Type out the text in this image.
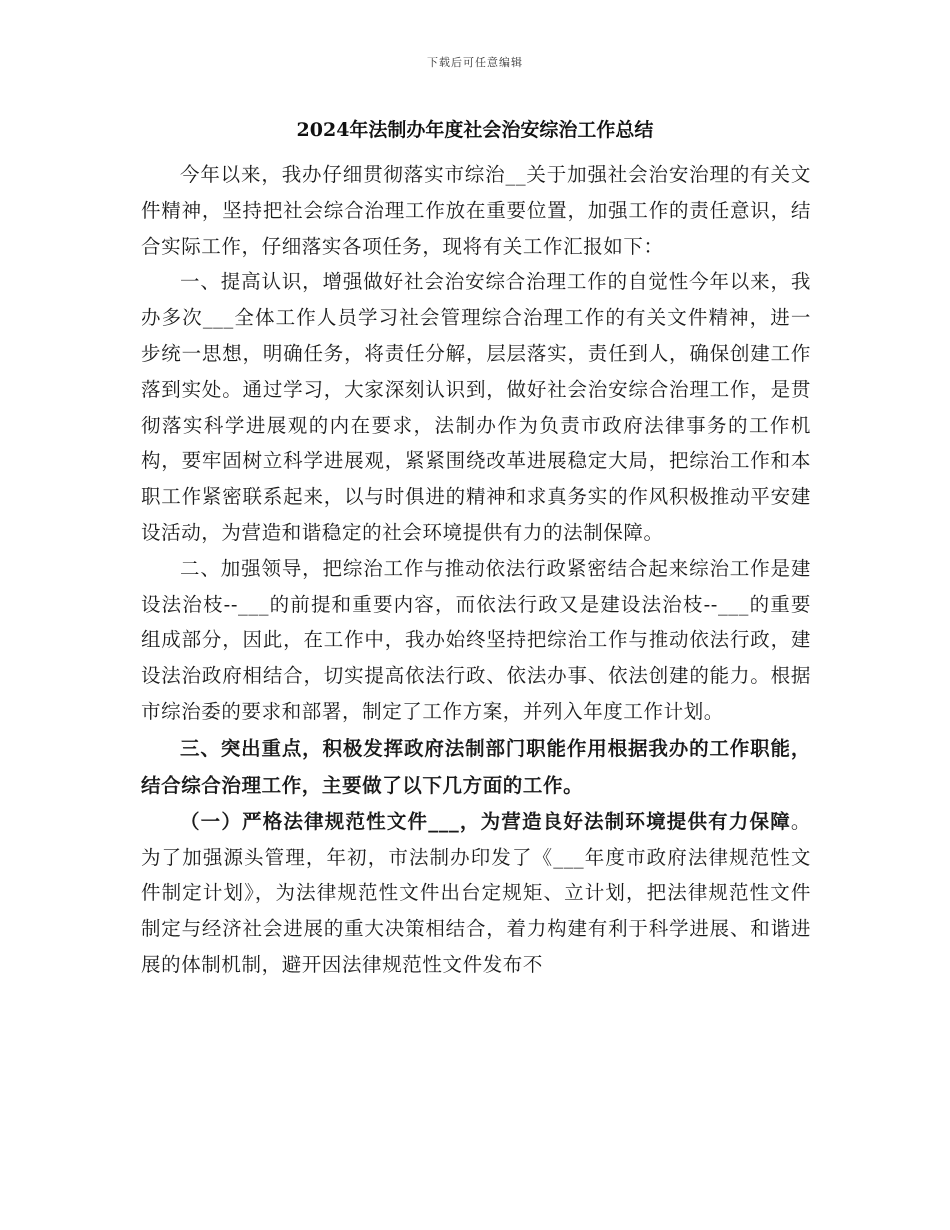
下载后可任意编辑
2024年法制办年度社会治安综治工作总结

今年以来，我办仔细贯彻落实市综治__关于加强社会治安治理的有关文件精神，坚持把社会综合治理工作放在重要位置，加强工作的责任意识，结合实际工作，仔细落实各项任务，现将有关工作汇报如下：

一、提高认识，增强做好社会治安综合治理工作的自觉性今年以来，我办多次___全体工作人员学习社会管理综合治理工作的有关文件精神，进一步统一思想，明确任务，将责任分解，层层落实，责任到人，确保创建工作落到实处。通过学习，大家深刻认识到，做好社会治安综合治理工作，是贯彻落实科学进展观的内在要求，法制办作为负责市政府法律事务的工作机构，要牢固树立科学进展观，紧紧围绕改革进展稳定大局，把综治工作和本职工作紧密联系起来，以与时俱进的精神和求真务实的作风积极推动平安建设活动，为营造和谐稳定的社会环境提供有力的法制保障。

二、加强领导，把综治工作与推动依法行政紧密结合起来综治工作是建设法治枝--___的前提和重要内容，而依法行政又是建设法治枝--___的重要组成部分，因此，在工作中，我办始终坚持把综治工作与推动依法行政，建设法治政府相结合，切实提高依法行政、依法办事、依法创建的能力。根据市综治委的要求和部署，制定了工作方案，并列入年度工作计划。

三、突出重点，积极发挥政府法制部门职能作用根据我办的工作职能，结合综合治理工作，主要做了以下几方面的工作。

（一）严格法律规范性文件___，为营造良好法制环境提供有力保障。为了加强源头管理，年初，市法制办印发了《___年度市政府法律规范性文件制定计划》，为法律规范性文件出台定规矩、立计划，把法律规范性文件制定与经济社会进展的重大决策相结合，着力构建有利于科学进展、和谐进展的体制机制，避开因法律规范性文件发布不
